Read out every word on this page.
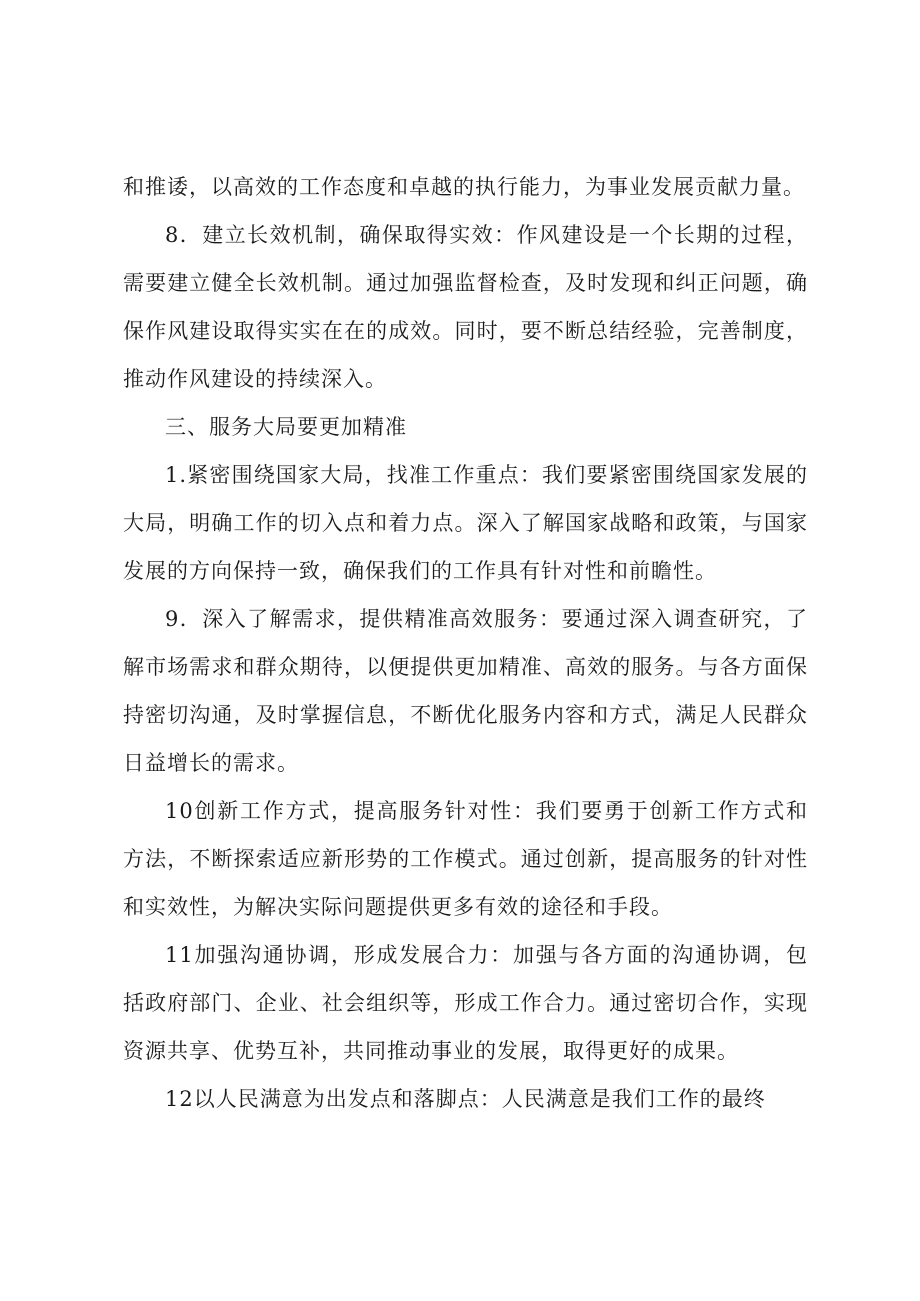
和推诿，以高效的工作态度和卓越的执行能力，为事业发展贡献力量。

8．建立长效机制，确保取得实效：作风建设是一个长期的过程，需要建立健全长效机制。通过加强监督检查，及时发现和纠正问题，确保作风建设取得实实在在的成效。同时，要不断总结经验，完善制度，推动作风建设的持续深入。

三、服务大局要更加精准

1.紧密围绕国家大局，找准工作重点：我们要紧密围绕国家发展的大局，明确工作的切入点和着力点。深入了解国家战略和政策，与国家发展的方向保持一致，确保我们的工作具有针对性和前瞻性。

9．深入了解需求，提供精准高效服务：要通过深入调查研究，了解市场需求和群众期待，以便提供更加精准、高效的服务。与各方面保持密切沟通，及时掌握信息，不断优化服务内容和方式，满足人民群众日益增长的需求。

10创新工作方式，提高服务针对性：我们要勇于创新工作方式和方法，不断探索适应新形势的工作模式。通过创新，提高服务的针对性和实效性，为解决实际问题提供更多有效的途径和手段。

11加强沟通协调，形成发展合力：加强与各方面的沟通协调，包括政府部门、企业、社会组织等，形成工作合力。通过密切合作，实现资源共享、优势互补，共同推动事业的发展，取得更好的成果。

12以人民满意为出发点和落脚点：人民满意是我们工作的最终
